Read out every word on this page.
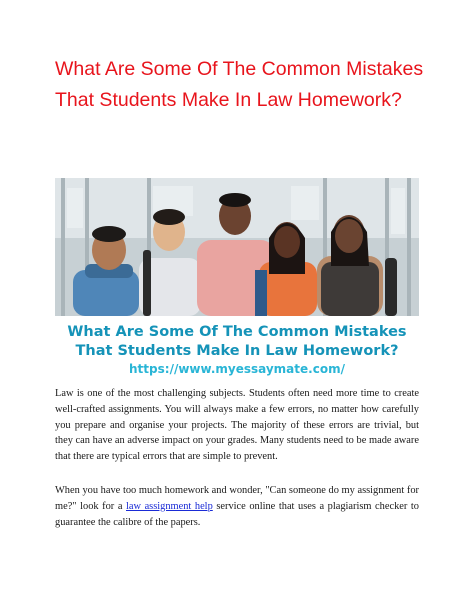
What Are Some Of The Common Mistakes That Students Make In Law Homework?

What Are Some Of The Common Mistakes That Students Make In Law Homework?

https://www.myessaymate.com/

Law is one of the most challenging subjects. Students often need more time to create well-crafted assignments. You will always make a few errors, no matter how carefully you prepare and organise your projects. The majority of these errors are trivial, but they can have an adverse impact on your grades. Many students need to be made aware that there are typical errors that are simple to prevent.

When you have too much homework and wonder, "Can someone do my assignment for me?" look for a law assignment help service online that uses a plagiarism checker to guarantee the calibre of the papers.
